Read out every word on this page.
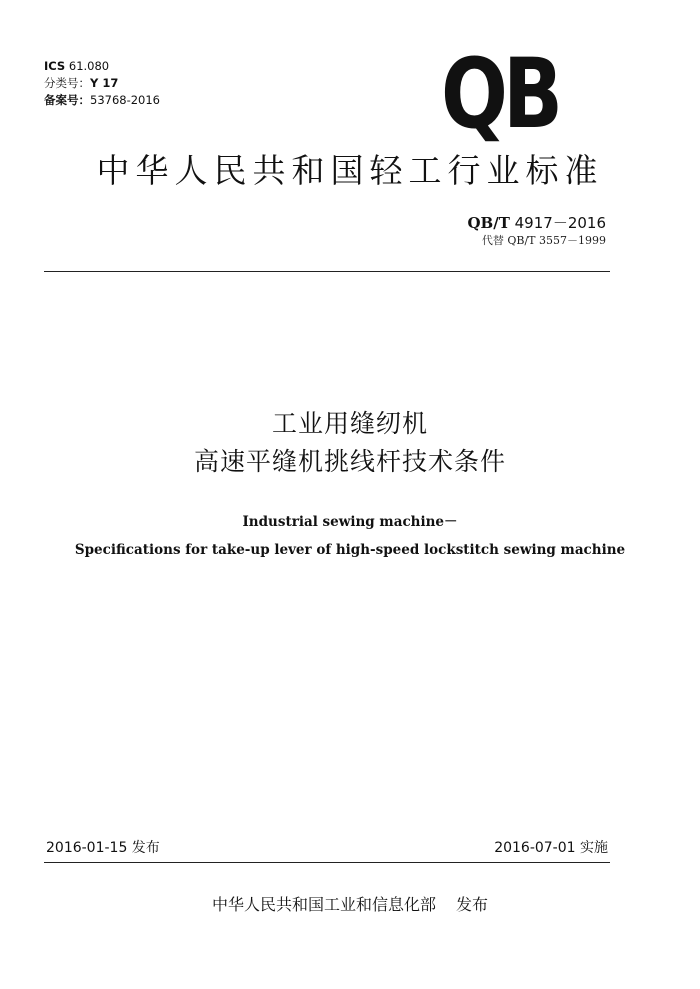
ICS 61.080
分类号：Y 17
备案号：53768-2016	QB
中华人民共和国轻工行业标准
QB/T 4917－2016
代替 QB/T 3557－1999
工业用缝纫机
高速平缝机挑线杆技术条件
Industrial sewing machine－
Specifications for take-up lever of high-speed lockstitch sewing machine
2016-01-15 发布	2016-07-01 实施
中华人民共和国工业和信息化部 发布
